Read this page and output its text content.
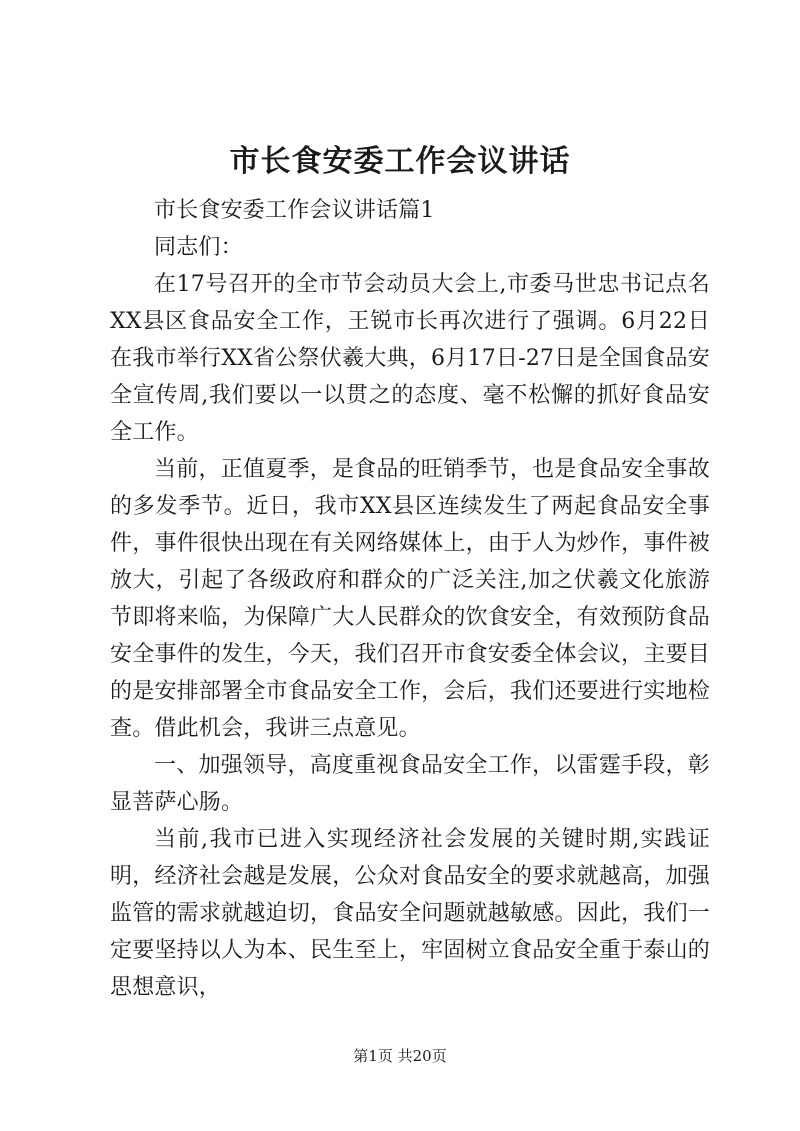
市长食安委工作会议讲话

市长食安委工作会议讲话篇1

同志们：

在17号召开的全市节会动员大会上,市委马世忠书记点名XX县区食品安全工作，王锐市长再次进行了强调。6月22日在我市举行XX省公祭伏羲大典，6月17日-27日是全国食品安全宣传周,我们要以一以贯之的态度、毫不松懈的抓好食品安全工作。

当前，正值夏季，是食品的旺销季节，也是食品安全事故的多发季节。近日，我市XX县区连续发生了两起食品安全事件，事件很快出现在有关网络媒体上，由于人为炒作，事件被放大，引起了各级政府和群众的广泛关注,加之伏羲文化旅游节即将来临，为保障广大人民群众的饮食安全，有效预防食品安全事件的发生，今天，我们召开市食安委全体会议，主要目的是安排部署全市食品安全工作，会后，我们还要进行实地检查。借此机会，我讲三点意见。

一、加强领导，高度重视食品安全工作，以雷霆手段，彰显菩萨心肠。

当前,我市已进入实现经济社会发展的关键时期,实践证明，经济社会越是发展，公众对食品安全的要求就越高，加强监管的需求就越迫切，食品安全问题就越敏感。因此，我们一定要坚持以人为本、民生至上，牢固树立食品安全重于泰山的思想意识，

第1页 共20页
